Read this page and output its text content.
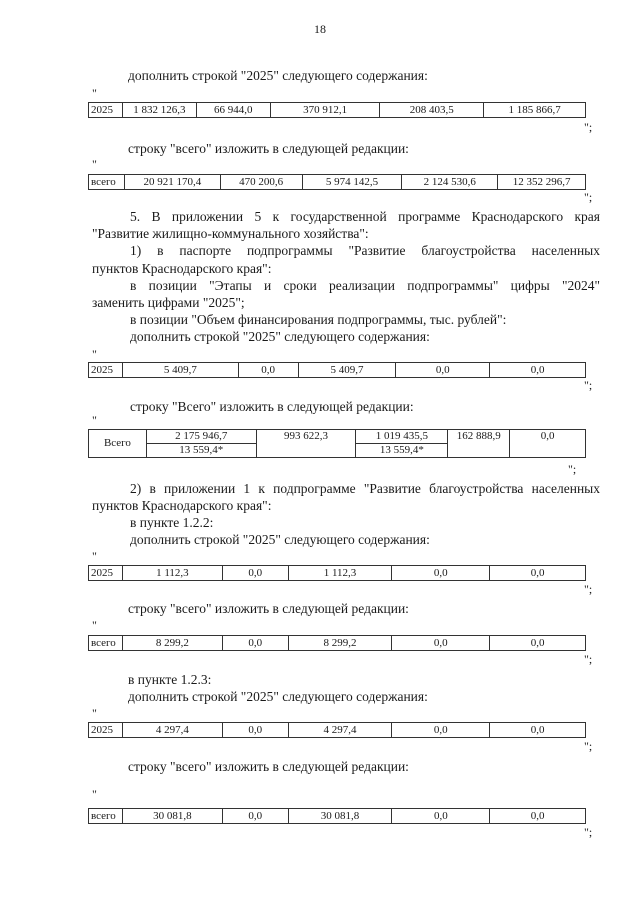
18
дополнить строкой "2025" следующего содержания:
"
2025	1 832 126,3	66 944,0	370 912,1	208 403,5	1 185 866,7
";
строку "всего" изложить в следующей редакции:
"
всего	20 921 170,4	470 200,6	5 974 142,5	2 124 530,6	12 352 296,7
";
5. В приложении 5 к государственной программе Краснодарского края
"Развитие жилищно-коммунального хозяйства":
1) в паспорте подпрограммы "Развитие благоустройства населенных
пунктов Краснодарского края":
в позиции "Этапы и сроки реализации подпрограммы" цифры "2024"
заменить цифрами "2025";
в позиции "Объем финансирования подпрограммы, тыс. рублей":
дополнить строкой "2025" следующего содержания:
"
2025	5 409,7	0,0	5 409,7	0,0	0,0
";
строку "Всего" изложить в следующей редакции:
"
Всего	2 175 946,7	993 622,3	1 019 435,5	162 888,9	0,0
	13 559,4*		13 559,4*		
";
2) в приложении 1 к подпрограмме "Развитие благоустройства населенных
пунктов Краснодарского края":
в пункте 1.2.2:
дополнить строкой "2025" следующего содержания:
"
2025	1 112,3	0,0	1 112,3	0,0	0,0
";
строку "всего" изложить в следующей редакции:
"
всего	8 299,2	0,0	8 299,2	0,0	0,0
";
в пункте 1.2.3:
дополнить строкой "2025" следующего содержания:
"
2025	4 297,4	0,0	4 297,4	0,0	0,0
";
строку "всего" изложить в следующей редакции:
"
всего	30 081,8	0,0	30 081,8	0,0	0,0
";
